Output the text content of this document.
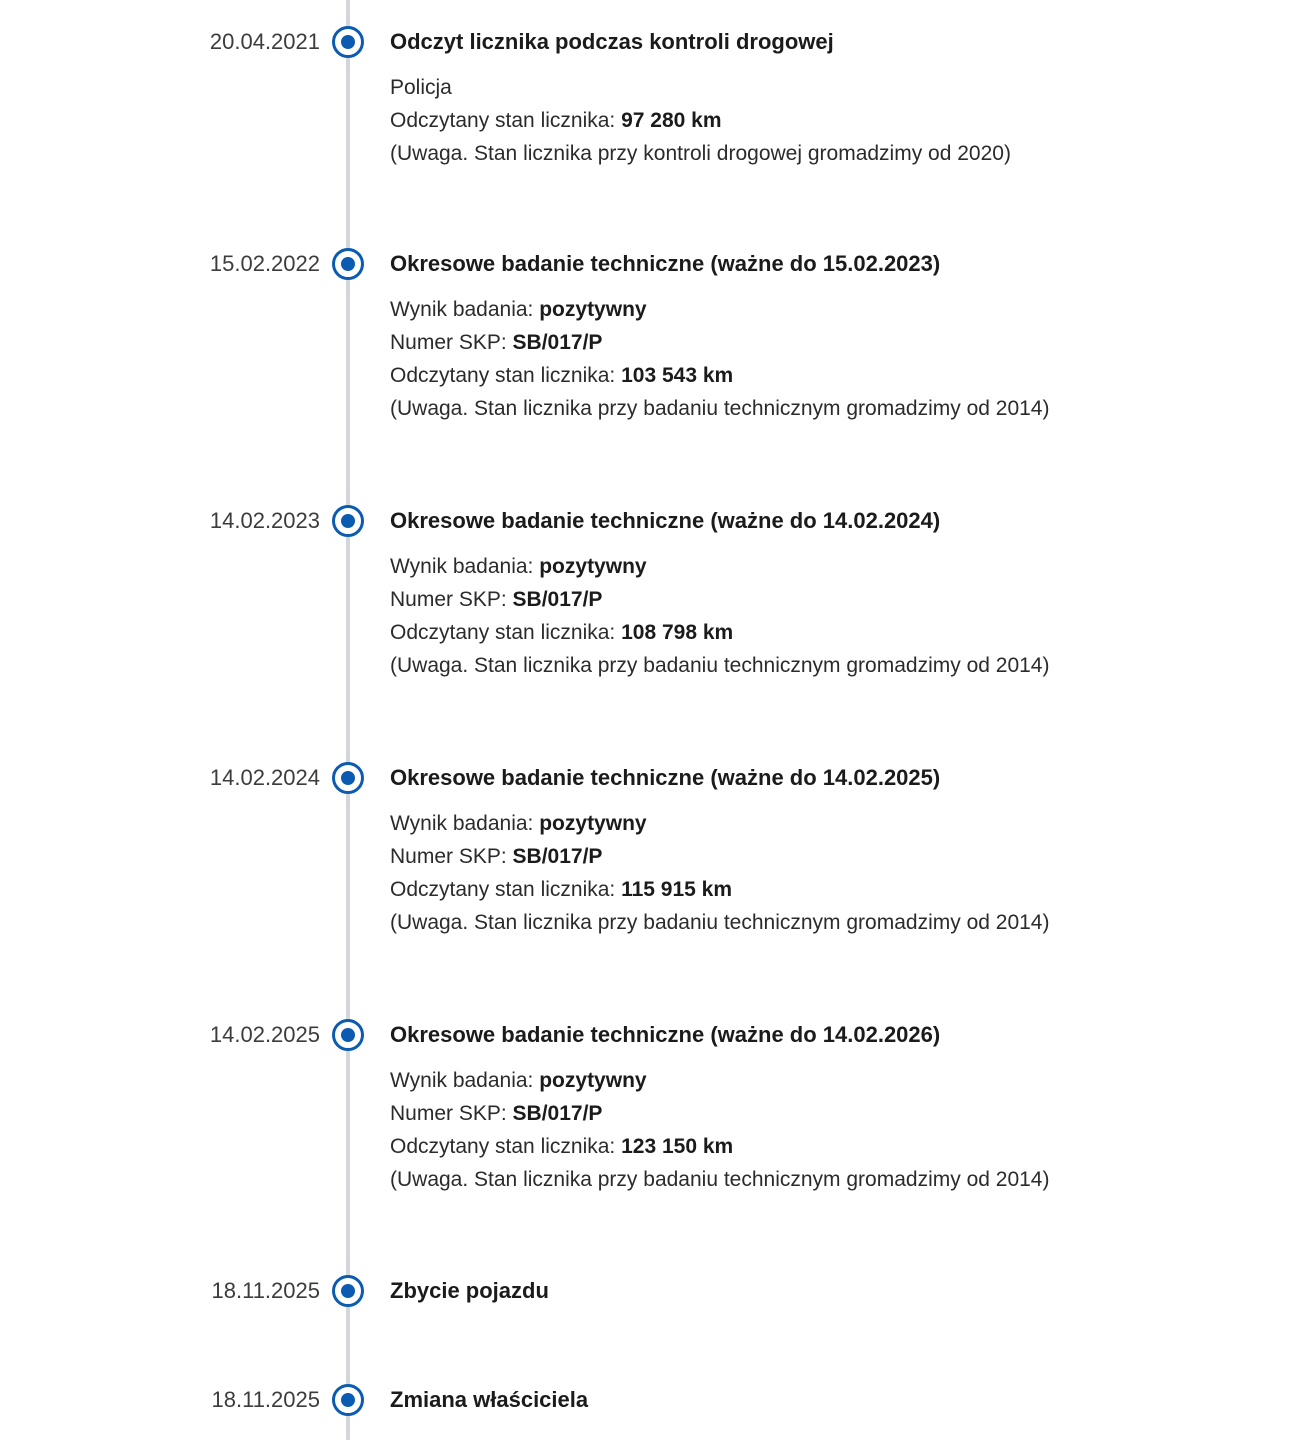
20.04.2021	Odczyt licznika podczas kontroli drogowej
Policja
Odczytany stan licznika: 97 280 km
(Uwaga. Stan licznika przy kontroli drogowej gromadzimy od 2020)
15.02.2022	Okresowe badanie techniczne (ważne do 15.02.2023)
Wynik badania: pozytywny
Numer SKP: SB/017/P
Odczytany stan licznika: 103 543 km
(Uwaga. Stan licznika przy badaniu technicznym gromadzimy od 2014)
14.02.2023	Okresowe badanie techniczne (ważne do 14.02.2024)
Wynik badania: pozytywny
Numer SKP: SB/017/P
Odczytany stan licznika: 108 798 km
(Uwaga. Stan licznika przy badaniu technicznym gromadzimy od 2014)
14.02.2024	Okresowe badanie techniczne (ważne do 14.02.2025)
Wynik badania: pozytywny
Numer SKP: SB/017/P
Odczytany stan licznika: 115 915 km
(Uwaga. Stan licznika przy badaniu technicznym gromadzimy od 2014)
14.02.2025	Okresowe badanie techniczne (ważne do 14.02.2026)
Wynik badania: pozytywny
Numer SKP: SB/017/P
Odczytany stan licznika: 123 150 km
(Uwaga. Stan licznika przy badaniu technicznym gromadzimy od 2014)
18.11.2025	Zbycie pojazdu
18.11.2025	Zmiana właściciela
